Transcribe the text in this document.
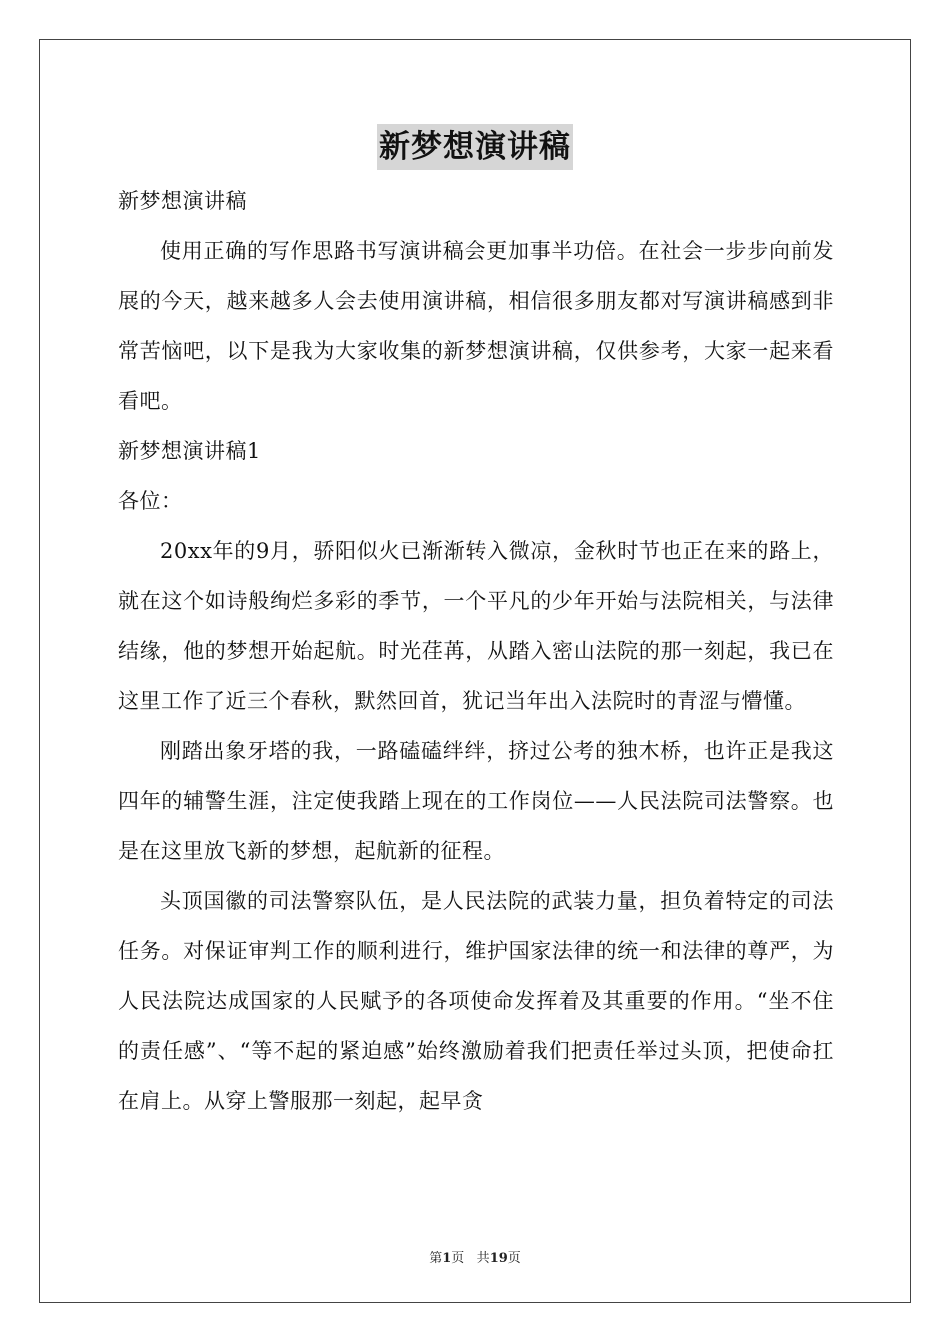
新梦想演讲稿

新梦想演讲稿

使用正确的写作思路书写演讲稿会更加事半功倍。在社会一步步向前发展的今天，越来越多人会去使用演讲稿，相信很多朋友都对写演讲稿感到非常苦恼吧，以下是我为大家收集的新梦想演讲稿，仅供参考，大家一起来看看吧。

新梦想演讲稿1

各位：

20xx年的9月，骄阳似火已渐渐转入微凉，金秋时节也正在来的路上，就在这个如诗般绚烂多彩的季节，一个平凡的少年开始与法院相关，与法律结缘，他的梦想开始起航。时光荏苒，从踏入密山法院的那一刻起，我已在这里工作了近三个春秋，默然回首，犹记当年出入法院时的青涩与懵懂。

刚踏出象牙塔的我，一路磕磕绊绊，挤过公考的独木桥，也许正是我这四年的辅警生涯，注定使我踏上现在的工作岗位——人民法院司法警察。也是在这里放飞新的梦想，起航新的征程。

头顶国徽的司法警察队伍，是人民法院的武装力量，担负着特定的司法任务。对保证审判工作的顺利进行，维护国家法律的统一和法律的尊严，为人民法院达成国家的人民赋予的各项使命发挥着及其重要的作用。“坐不住的责任感”、“等不起的紧迫感”始终激励着我们把责任举过头顶，把使命扛在肩上。从穿上警服那一刻起，起早贪

第1页 共19页
